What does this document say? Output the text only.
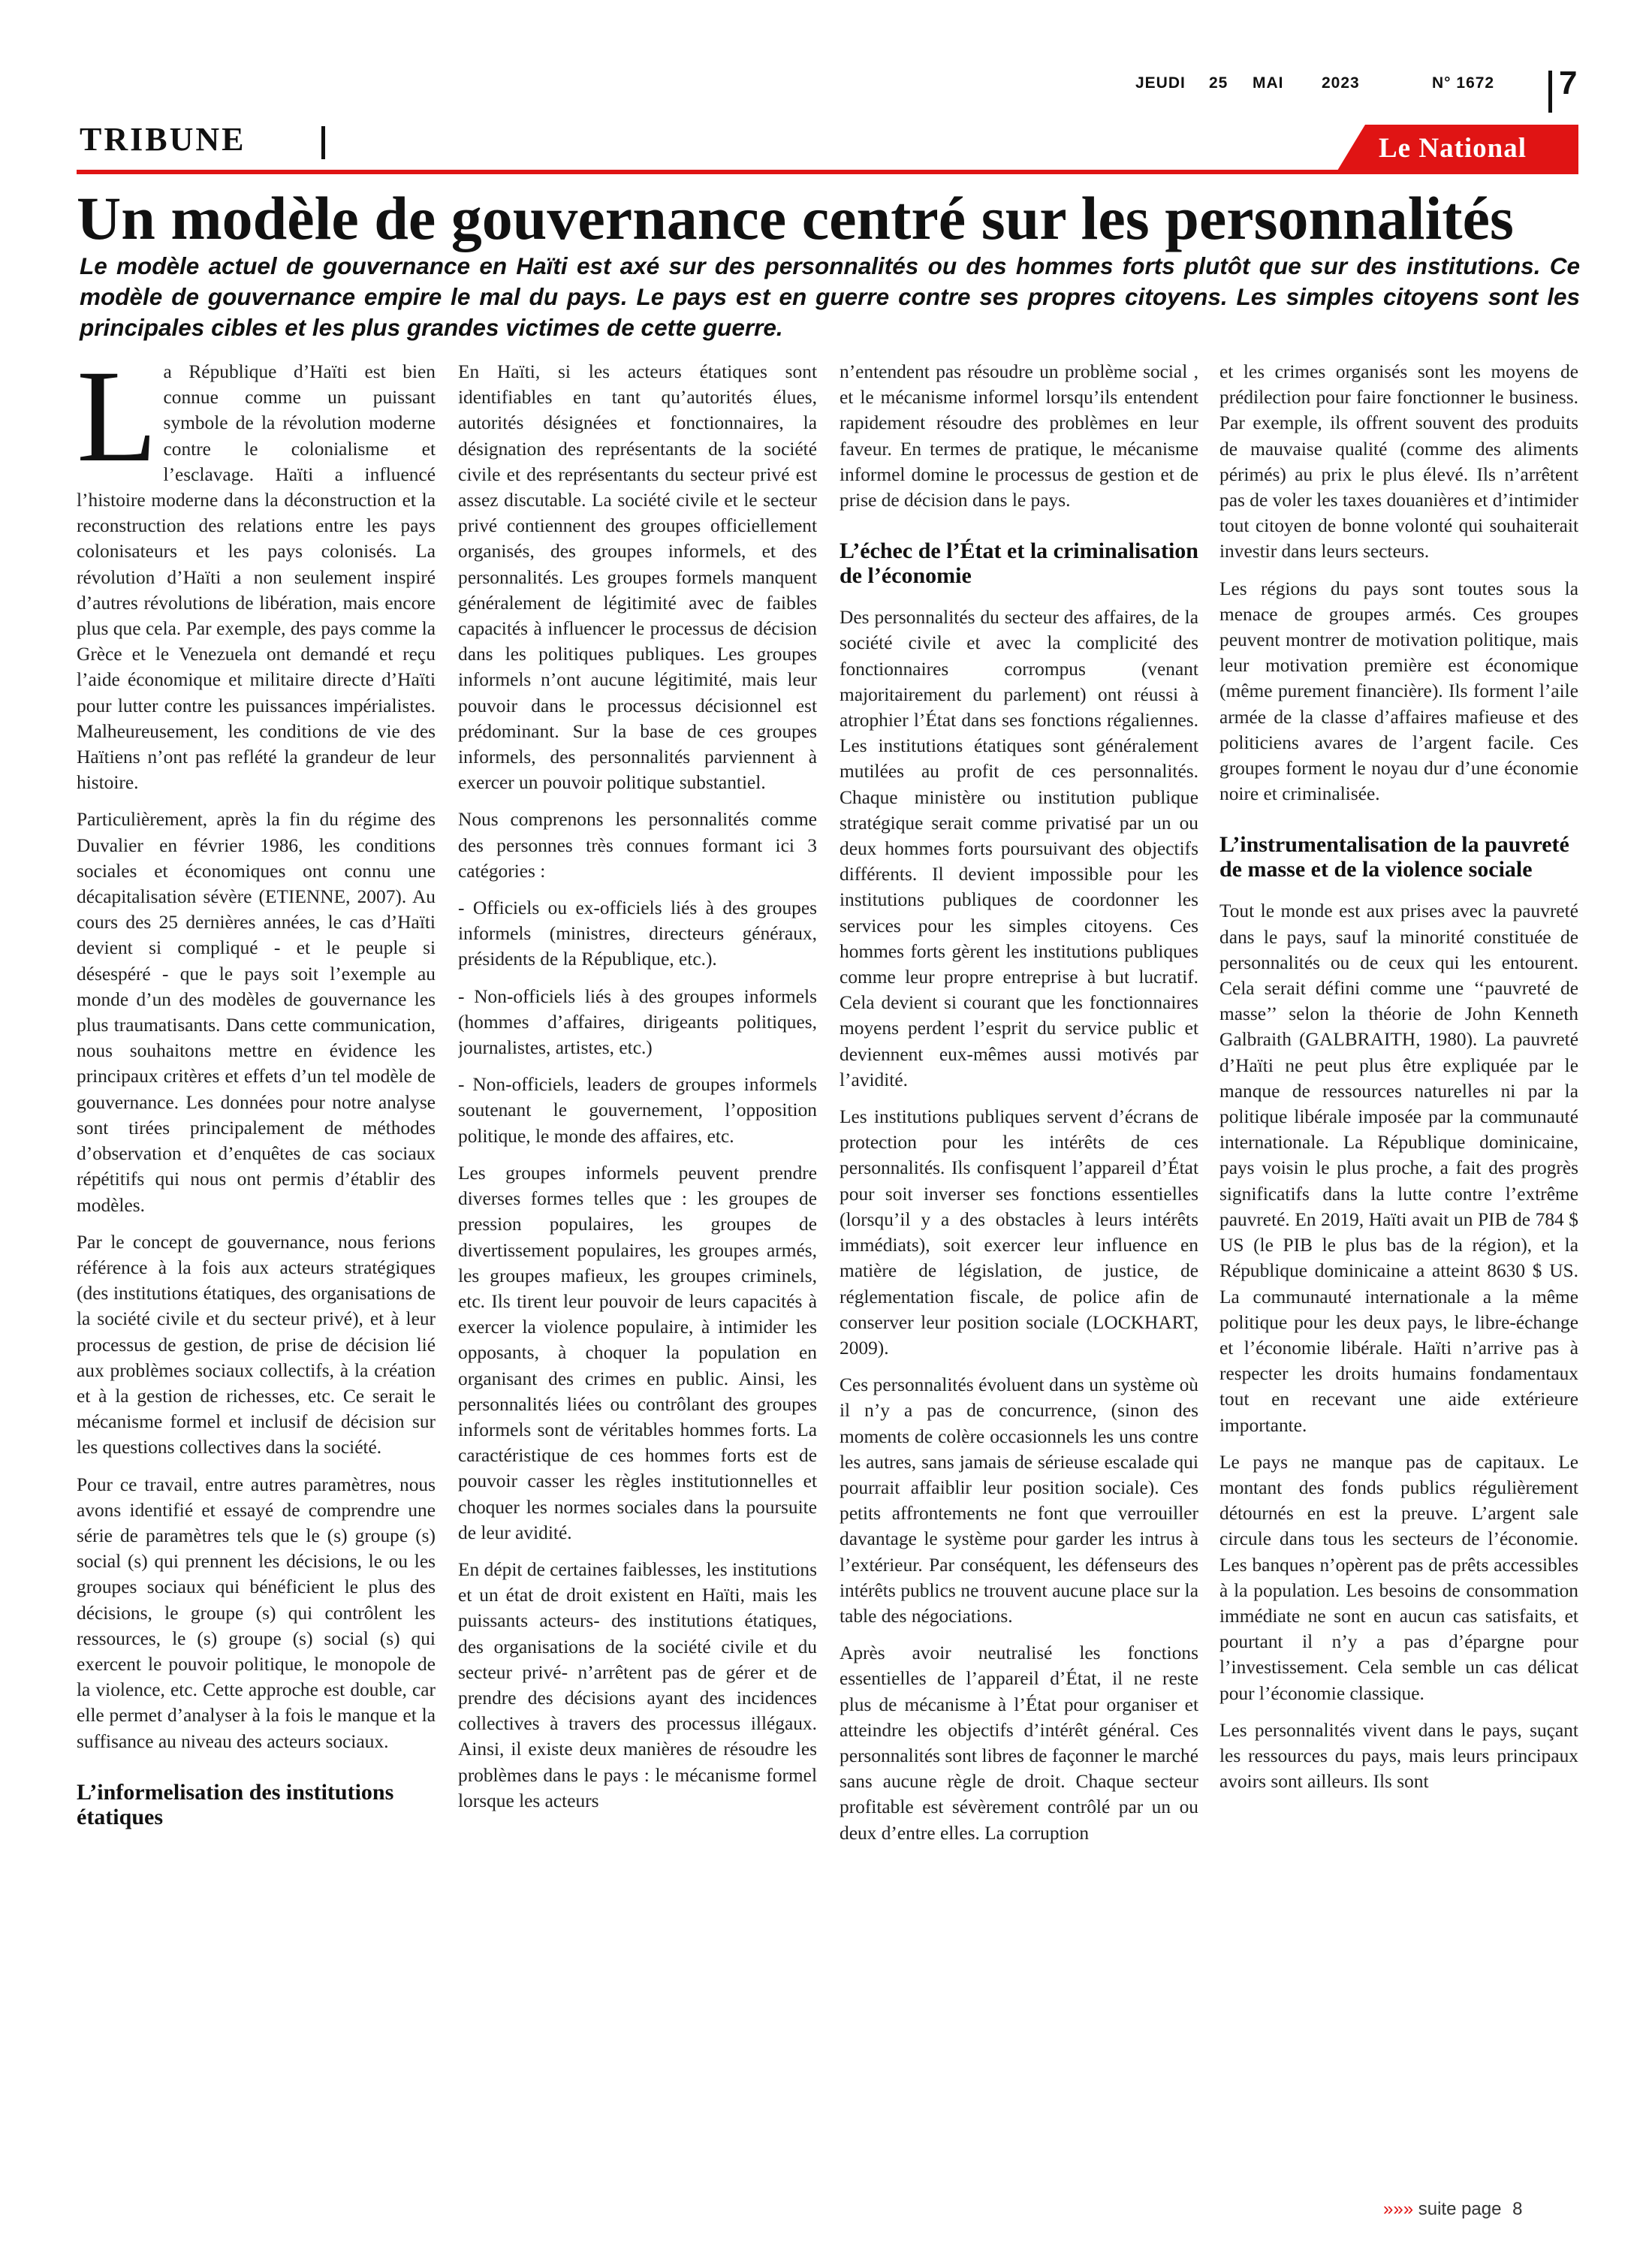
JEUDI 25 MAI 2023	N° 1672 7
TRIBUNE	Le National
Un modèle de gouvernance centré sur les personnalités

Le modèle actuel de gouvernance en Haïti est axé sur des personnalités ou des hommes forts plutôt que sur des institutions. Ce modèle de gouvernance empire le mal du pays. Le pays est en guerre contre ses propres citoyens. Les simples citoyens sont les principales cibles et les plus grandes victimes de cette guerre.

La République d’Haïti est bien connue comme un puissant symbole de la révolution moderne contre le colonialisme et l’esclavage. Haïti a influencé l’histoire moderne dans la déconstruction et la reconstruction des relations entre les pays colonisateurs et les pays colonisés. La révolution d’Haïti a non seulement inspiré d’autres révolutions de libération, mais encore plus que cela. Par exemple, des pays comme la Grèce et le Venezuela ont demandé et reçu l’aide économique et militaire directe d’Haïti pour lutter contre les puissances impérialistes. Malheureusement, les conditions de vie des Haïtiens n’ont pas reflété la grandeur de leur histoire.

Particulièrement, après la fin du régime des Duvalier en février 1986, les conditions sociales et économiques ont connu une décapitalisation sévère (ETIENNE, 2007). Au cours des 25 dernières années, le cas d’Haïti devient si compliqué - et le peuple si désespéré - que le pays soit l’exemple au monde d’un des modèles de gouvernance les plus traumatisants. Dans cette communication, nous souhaitons mettre en évidence les principaux critères et effets d’un tel modèle de gouvernance. Les données pour notre analyse sont tirées principalement de méthodes d’observation et d’enquêtes de cas sociaux répétitifs qui nous ont permis d’établir des modèles.

Par le concept de gouvernance, nous ferions référence à la fois aux acteurs stratégiques (des institutions étatiques, des organisations de la société civile et du secteur privé), et à leur processus de gestion, de prise de décision lié aux problèmes sociaux collectifs, à la création et à la gestion de richesses, etc. Ce serait le mécanisme formel et inclusif de décision sur les questions collectives dans la société.

Pour ce travail, entre autres paramètres, nous avons identifié et essayé de comprendre une série de paramètres tels que le (s) groupe (s) social (s) qui prennent les décisions, le ou les groupes sociaux qui bénéficient le plus des décisions, le groupe (s) qui contrôlent les ressources, le (s) groupe (s) social (s) qui exercent le pouvoir politique, le monopole de la violence, etc. Cette approche est double, car elle permet d’analyser à la fois le manque et la suffisance au niveau des acteurs sociaux.

L’informelisation des institutions étatiques

En Haïti, si les acteurs étatiques sont identifiables en tant qu’autorités élues, autorités désignées et fonctionnaires, la désignation des représentants de la société civile et des représentants du secteur privé est assez discutable. La société civile et le secteur privé contiennent des groupes officiellement organisés, des groupes informels, et des personnalités. Les groupes formels manquent généralement de légitimité avec de faibles capacités à influencer le processus de décision dans les politiques publiques. Les groupes informels n’ont aucune légitimité, mais leur pouvoir dans le processus décisionnel est prédominant. Sur la base de ces groupes informels, des personnalités parviennent à exercer un pouvoir politique substantiel.

Nous comprenons les personnalités comme des personnes très connues formant ici 3 catégories :

- Officiels ou ex-officiels liés à des groupes informels (ministres, directeurs généraux, présidents de la République, etc.).

- Non-officiels liés à des groupes informels (hommes d’affaires, dirigeants politiques, journalistes, artistes, etc.)

- Non-officiels, leaders de groupes informels soutenant le gouvernement, l’opposition politique, le monde des affaires, etc.

Les groupes informels peuvent prendre diverses formes telles que : les groupes de pression populaires, les groupes de divertissement populaires, les groupes armés, les groupes mafieux, les groupes criminels, etc. Ils tirent leur pouvoir de leurs capacités à exercer la violence populaire, à intimider les opposants, à choquer la population en organisant des crimes en public. Ainsi, les personnalités liées ou contrôlant des groupes informels sont de véritables hommes forts. La caractéristique de ces hommes forts est de pouvoir casser les règles institutionnelles et choquer les normes sociales dans la poursuite de leur avidité.

En dépit de certaines faiblesses, les institutions et un état de droit existent en Haïti, mais les puissants acteurs- des institutions étatiques, des organisations de la société civile et du secteur privé- n’arrêtent pas de gérer et de prendre des décisions ayant des incidences collectives à travers des processus illégaux. Ainsi, il existe deux manières de résoudre les problèmes dans le pays : le mécanisme formel lorsque les acteurs

n’entendent pas résoudre un problème social , et le mécanisme informel lorsqu’ils entendent rapidement résoudre des problèmes en leur faveur. En termes de pratique, le mécanisme informel domine le processus de gestion et de prise de décision dans le pays.

L’échec de l’État et la criminalisation de l’économie

Des personnalités du secteur des affaires, de la société civile et avec la complicité des fonctionnaires corrompus (venant majoritairement du parlement) ont réussi à atrophier l’État dans ses fonctions régaliennes. Les institutions étatiques sont généralement mutilées au profit de ces personnalités. Chaque ministère ou institution publique stratégique serait comme privatisé par un ou deux hommes forts poursuivant des objectifs différents. Il devient impossible pour les institutions publiques de coordonner les services pour les simples citoyens. Ces hommes forts gèrent les institutions publiques comme leur propre entreprise à but lucratif. Cela devient si courant que les fonctionnaires moyens perdent l’esprit du service public et deviennent eux-mêmes aussi motivés par l’avidité.

Les institutions publiques servent d’écrans de protection pour les intérêts de ces personnalités. Ils confisquent l’appareil d’État pour soit inverser ses fonctions essentielles (lorsqu’il y a des obstacles à leurs intérêts immédiats), soit exercer leur influence en matière de législation, de justice, de réglementation fiscale, de police afin de conserver leur position sociale (LOCKHART, 2009).

Ces personnalités évoluent dans un système où il n’y a pas de concurrence, (sinon des moments de colère occasionnels les uns contre les autres, sans jamais de sérieuse escalade qui pourrait affaiblir leur position sociale). Ces petits affrontements ne font que verrouiller davantage le système pour garder les intrus à l’extérieur. Par conséquent, les défenseurs des intérêts publics ne trouvent aucune place sur la table des négociations.

Après avoir neutralisé les fonctions essentielles de l’appareil d’État, il ne reste plus de mécanisme à l’État pour organiser et atteindre les objectifs d’intérêt général. Ces personnalités sont libres de façonner le marché sans aucune règle de droit. Chaque secteur profitable est sévèrement contrôlé par un ou deux d’entre elles. La corruption

et les crimes organisés sont les moyens de prédilection pour faire fonctionner le business. Par exemple, ils offrent souvent des produits de mauvaise qualité (comme des aliments périmés) au prix le plus élevé. Ils n’arrêtent pas de voler les taxes douanières et d’intimider tout citoyen de bonne volonté qui souhaiterait investir dans leurs secteurs.

Les régions du pays sont toutes sous la menace de groupes armés. Ces groupes peuvent montrer de motivation politique, mais leur motivation première est économique (même purement financière). Ils forment l’aile armée de la classe d’affaires mafieuse et des politiciens avares de l’argent facile. Ces groupes forment le noyau dur d’une économie noire et criminalisée.

L’instrumentalisation de la pauvreté de masse et de la violence sociale

Tout le monde est aux prises avec la pauvreté dans le pays, sauf la minorité constituée de personnalités ou de ceux qui les entourent. Cela serait défini comme une ‘‘pauvreté de masse’’ selon la théorie de John Kenneth Galbraith (GALBRAITH, 1980). La pauvreté d’Haïti ne peut plus être expliquée par le manque de ressources naturelles ni par la politique libérale imposée par la communauté internationale. La République dominicaine, pays voisin le plus proche, a fait des progrès significatifs dans la lutte contre l’extrême pauvreté. En 2019, Haïti avait un PIB de 784 $ US (le PIB le plus bas de la région), et la République dominicaine a atteint 8630 $ US. La communauté internationale a la même politique pour les deux pays, le libre-échange et l’économie libérale. Haïti n’arrive pas à respecter les droits humains fondamentaux tout en recevant une aide extérieure importante.

Le pays ne manque pas de capitaux. Le montant des fonds publics régulièrement détournés en est la preuve. L’argent sale circule dans tous les secteurs de l’économie. Les banques n’opèrent pas de prêts accessibles à la population. Les besoins de consommation immédiate ne sont en aucun cas satisfaits, et pourtant il n’y a pas d’épargne pour l’investissement. Cela semble un cas délicat pour l’économie classique.

Les personnalités vivent dans le pays, suçant les ressources du pays, mais leurs principaux avoirs sont ailleurs. Ils sont

»»» suite page 8
